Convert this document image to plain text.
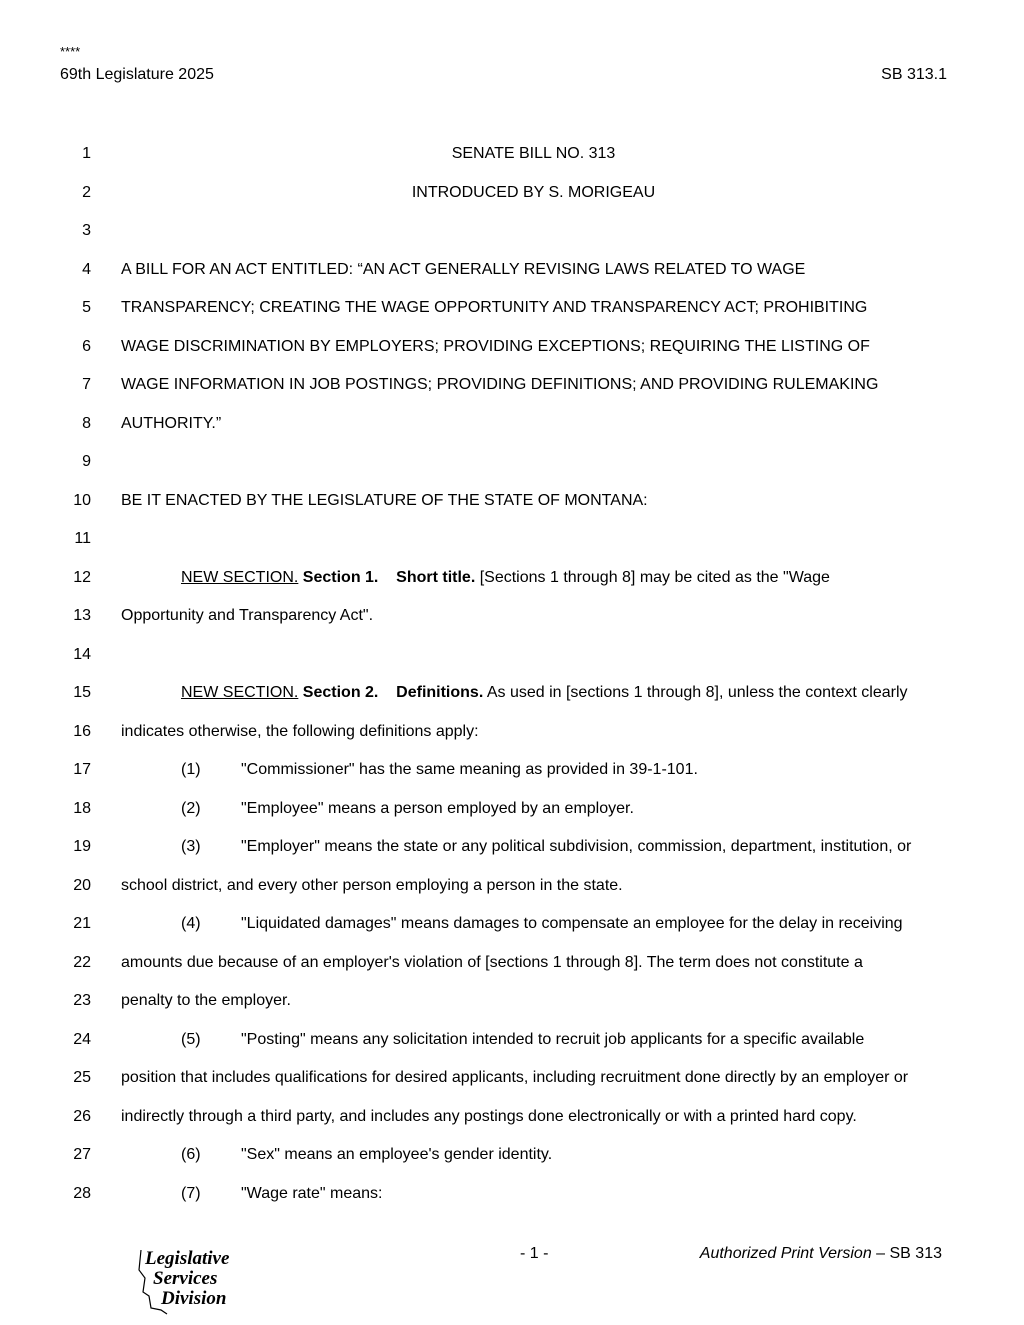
****
69th Legislature 2025	SB 313.1
1	SENATE BILL NO. 313
2	INTRODUCED BY S. MORIGEAU
3
4 A BILL FOR AN ACT ENTITLED: “AN ACT GENERALLY REVISING LAWS RELATED TO WAGE
5 TRANSPARENCY; CREATING THE WAGE OPPORTUNITY AND TRANSPARENCY ACT; PROHIBITING
6 WAGE DISCRIMINATION BY EMPLOYERS; PROVIDING EXCEPTIONS; REQUIRING THE LISTING OF
7 WAGE INFORMATION IN JOB POSTINGS; PROVIDING DEFINITIONS; AND PROVIDING RULEMAKING
8 AUTHORITY.”
9
10 BE IT ENACTED BY THE LEGISLATURE OF THE STATE OF MONTANA:
11
12	NEW SECTION. Section 1. Short title. [Sections 1 through 8] may be cited as the "Wage
13 Opportunity and Transparency Act".
14
15	NEW SECTION. Section 2. Definitions. As used in [sections 1 through 8], unless the context clearly
16 indicates otherwise, the following definitions apply:
17	(1)	"Commissioner" has the same meaning as provided in 39-1-101.
18	(2)	"Employee" means a person employed by an employer.
19	(3)	"Employer" means the state or any political subdivision, commission, department, institution, or
20 school district, and every other person employing a person in the state.
21	(4)	"Liquidated damages" means damages to compensate an employee for the delay in receiving
22 amounts due because of an employer's violation of [sections 1 through 8]. The term does not constitute a
23 penalty to the employer.
24	(5)	"Posting" means any solicitation intended to recruit job applicants for a specific available
25 position that includes qualifications for desired applicants, including recruitment done directly by an employer or
26 indirectly through a third party, and includes any postings done electronically or with a printed hard copy.
27	(6)	"Sex" means an employee's gender identity.
28	(7)	"Wage rate" means:
Legislative
Services
Division
- 1 -	Authorized Print Version – SB 313
